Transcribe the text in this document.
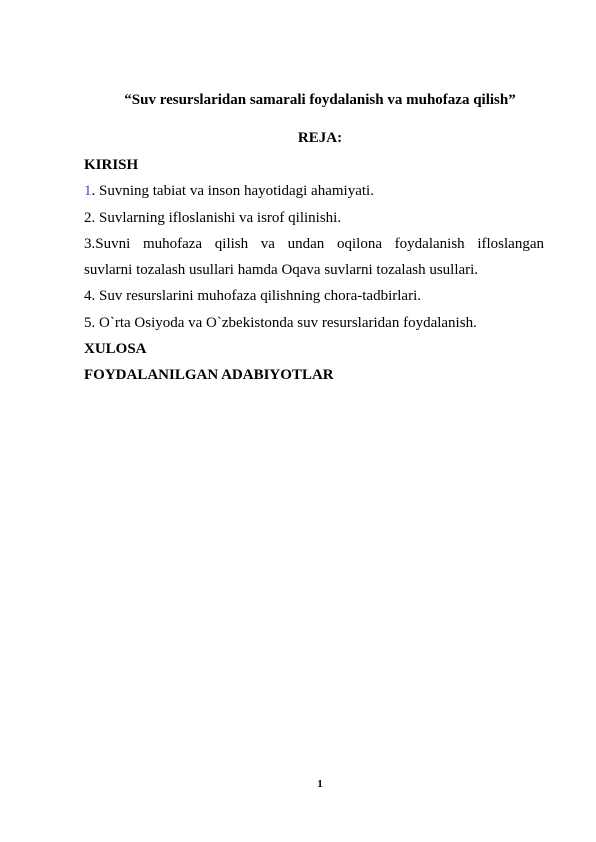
“Suv resurslaridan samarali foydalanish va muhofaza qilish”
REJA:
KIRISH
1. Suvning tabiat va inson hayotidagi ahamiyati.
2. Suvlarning ifloslanishi va isrof qilinishi.
3.Suvni muhofaza qilish va undan oqilona foydalanish ifloslangan
suvlarni tozalash usullari hamda Oqava suvlarni tozalash usullari.
4. Suv resurslarini muhofaza qilishning chora-tadbirlari.
5. O`rta Osiyoda va O`zbekistonda suv resurslaridan foydalanish.
XULOSA
FOYDALANILGAN ADABIYOTLAR
1
